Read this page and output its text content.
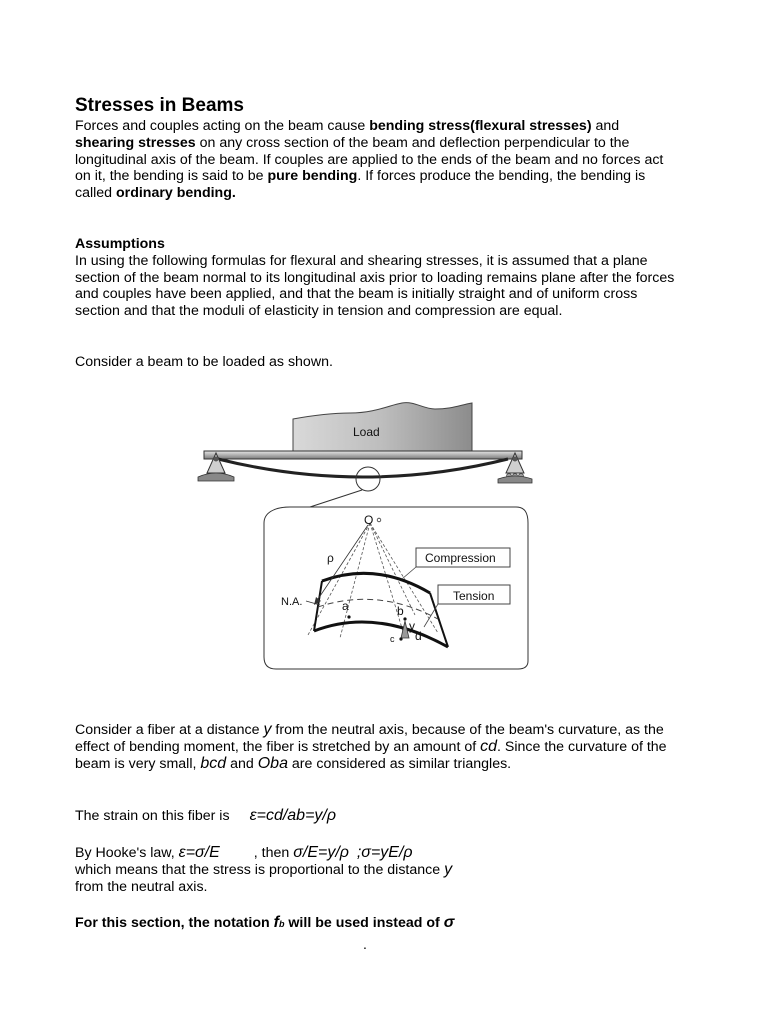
Stresses in Beams

Forces and couples acting on the beam cause bending stress(flexural stresses) and shearing stresses on any cross section of the beam and deflection perpendicular to the longitudinal axis of the beam. If couples are applied to the ends of the beam and no forces act on it, the bending is said to be pure bending. If forces produce the bending, the bending is called ordinary bending.

Assumptions
In using the following formulas for flexural and shearing stresses, it is assumed that a plane section of the beam normal to its longitudinal axis prior to loading remains plane after the forces and couples have been applied, and that the beam is initially straight and of uniform cross section and that the moduli of elasticity in tension and compression are equal.

Consider a beam to be loaded as shown.

Load
O
ρ
N.A.
Compression
Tension
a	b
c d
y

Consider a fiber at a distance y from the neutral axis, because of the beam's curvature, as the effect of bending moment, the fiber is stretched by an amount of cd. Since the curvature of the beam is very small, bcd and Oba are considered as similar triangles.

The strain on this fiber is ε=cd/ab=y/ρ

By Hooke's law, ε=σ/E , then σ/E=y/ρ ;σ=yE/ρ
which means that the stress is proportional to the distance y
from the neutral axis.

For this section, the notation fb will be used instead of σ

.
